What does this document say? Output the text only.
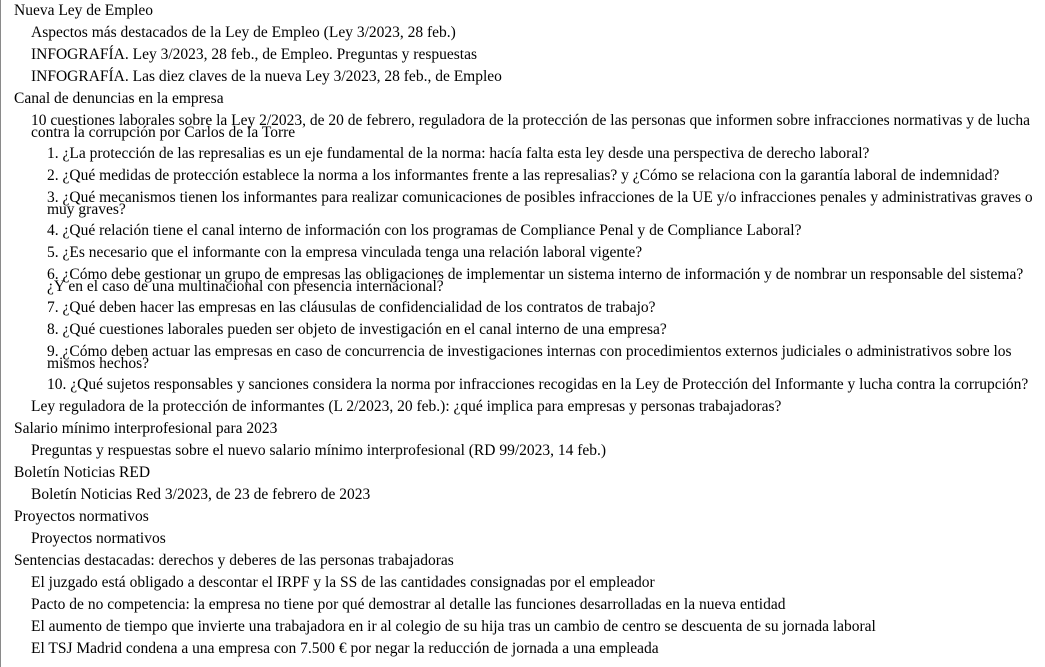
Nueva Ley de Empleo
Aspectos más destacados de la Ley de Empleo (Ley 3/2023, 28 feb.)
INFOGRAFÍA. Ley 3/2023, 28 feb., de Empleo. Preguntas y respuestas
INFOGRAFÍA. Las diez claves de la nueva Ley 3/2023, 28 feb., de Empleo
Canal de denuncias en la empresa
10 cuestiones laborales sobre la Ley 2/2023, de 20 de febrero, reguladora de la protección de las personas que informen sobre infracciones normativas y de lucha
contra la corrupción por Carlos de la Torre
1. ¿La protección de las represalias es un eje fundamental de la norma: hacía falta esta ley desde una perspectiva de derecho laboral?
2. ¿Qué medidas de protección establece la norma a los informantes frente a las represalias? y ¿Cómo se relaciona con la garantía laboral de indemnidad?
3. ¿Qué mecanismos tienen los informantes para realizar comunicaciones de posibles infracciones de la UE y/o infracciones penales y administrativas graves o
muy graves?
4. ¿Qué relación tiene el canal interno de información con los programas de Compliance Penal y de Compliance Laboral?
5. ¿Es necesario que el informante con la empresa vinculada tenga una relación laboral vigente?
6. ¿Cómo debe gestionar un grupo de empresas las obligaciones de implementar un sistema interno de información y de nombrar un responsable del sistema?
¿Y en el caso de una multinacional con presencia internacional?
7. ¿Qué deben hacer las empresas en las cláusulas de confidencialidad de los contratos de trabajo?
8. ¿Qué cuestiones laborales pueden ser objeto de investigación en el canal interno de una empresa?
9. ¿Cómo deben actuar las empresas en caso de concurrencia de investigaciones internas con procedimientos externos judiciales o administrativos sobre los
mismos hechos?
10. ¿Qué sujetos responsables y sanciones considera la norma por infracciones recogidas en la Ley de Protección del Informante y lucha contra la corrupción?
Ley reguladora de la protección de informantes (L 2/2023, 20 feb.): ¿qué implica para empresas y personas trabajadoras?
Salario mínimo interprofesional para 2023
Preguntas y respuestas sobre el nuevo salario mínimo interprofesional (RD 99/2023, 14 feb.)
Boletín Noticias RED
Boletín Noticias Red 3/2023, de 23 de febrero de 2023
Proyectos normativos
Proyectos normativos
Sentencias destacadas: derechos y deberes de las personas trabajadoras
El juzgado está obligado a descontar el IRPF y la SS de las cantidades consignadas por el empleador
Pacto de no competencia: la empresa no tiene por qué demostrar al detalle las funciones desarrolladas en la nueva entidad
El aumento de tiempo que invierte una trabajadora en ir al colegio de su hija tras un cambio de centro se descuenta de su jornada laboral
El TSJ Madrid condena a una empresa con 7.500 € por negar la reducción de jornada a una empleada
